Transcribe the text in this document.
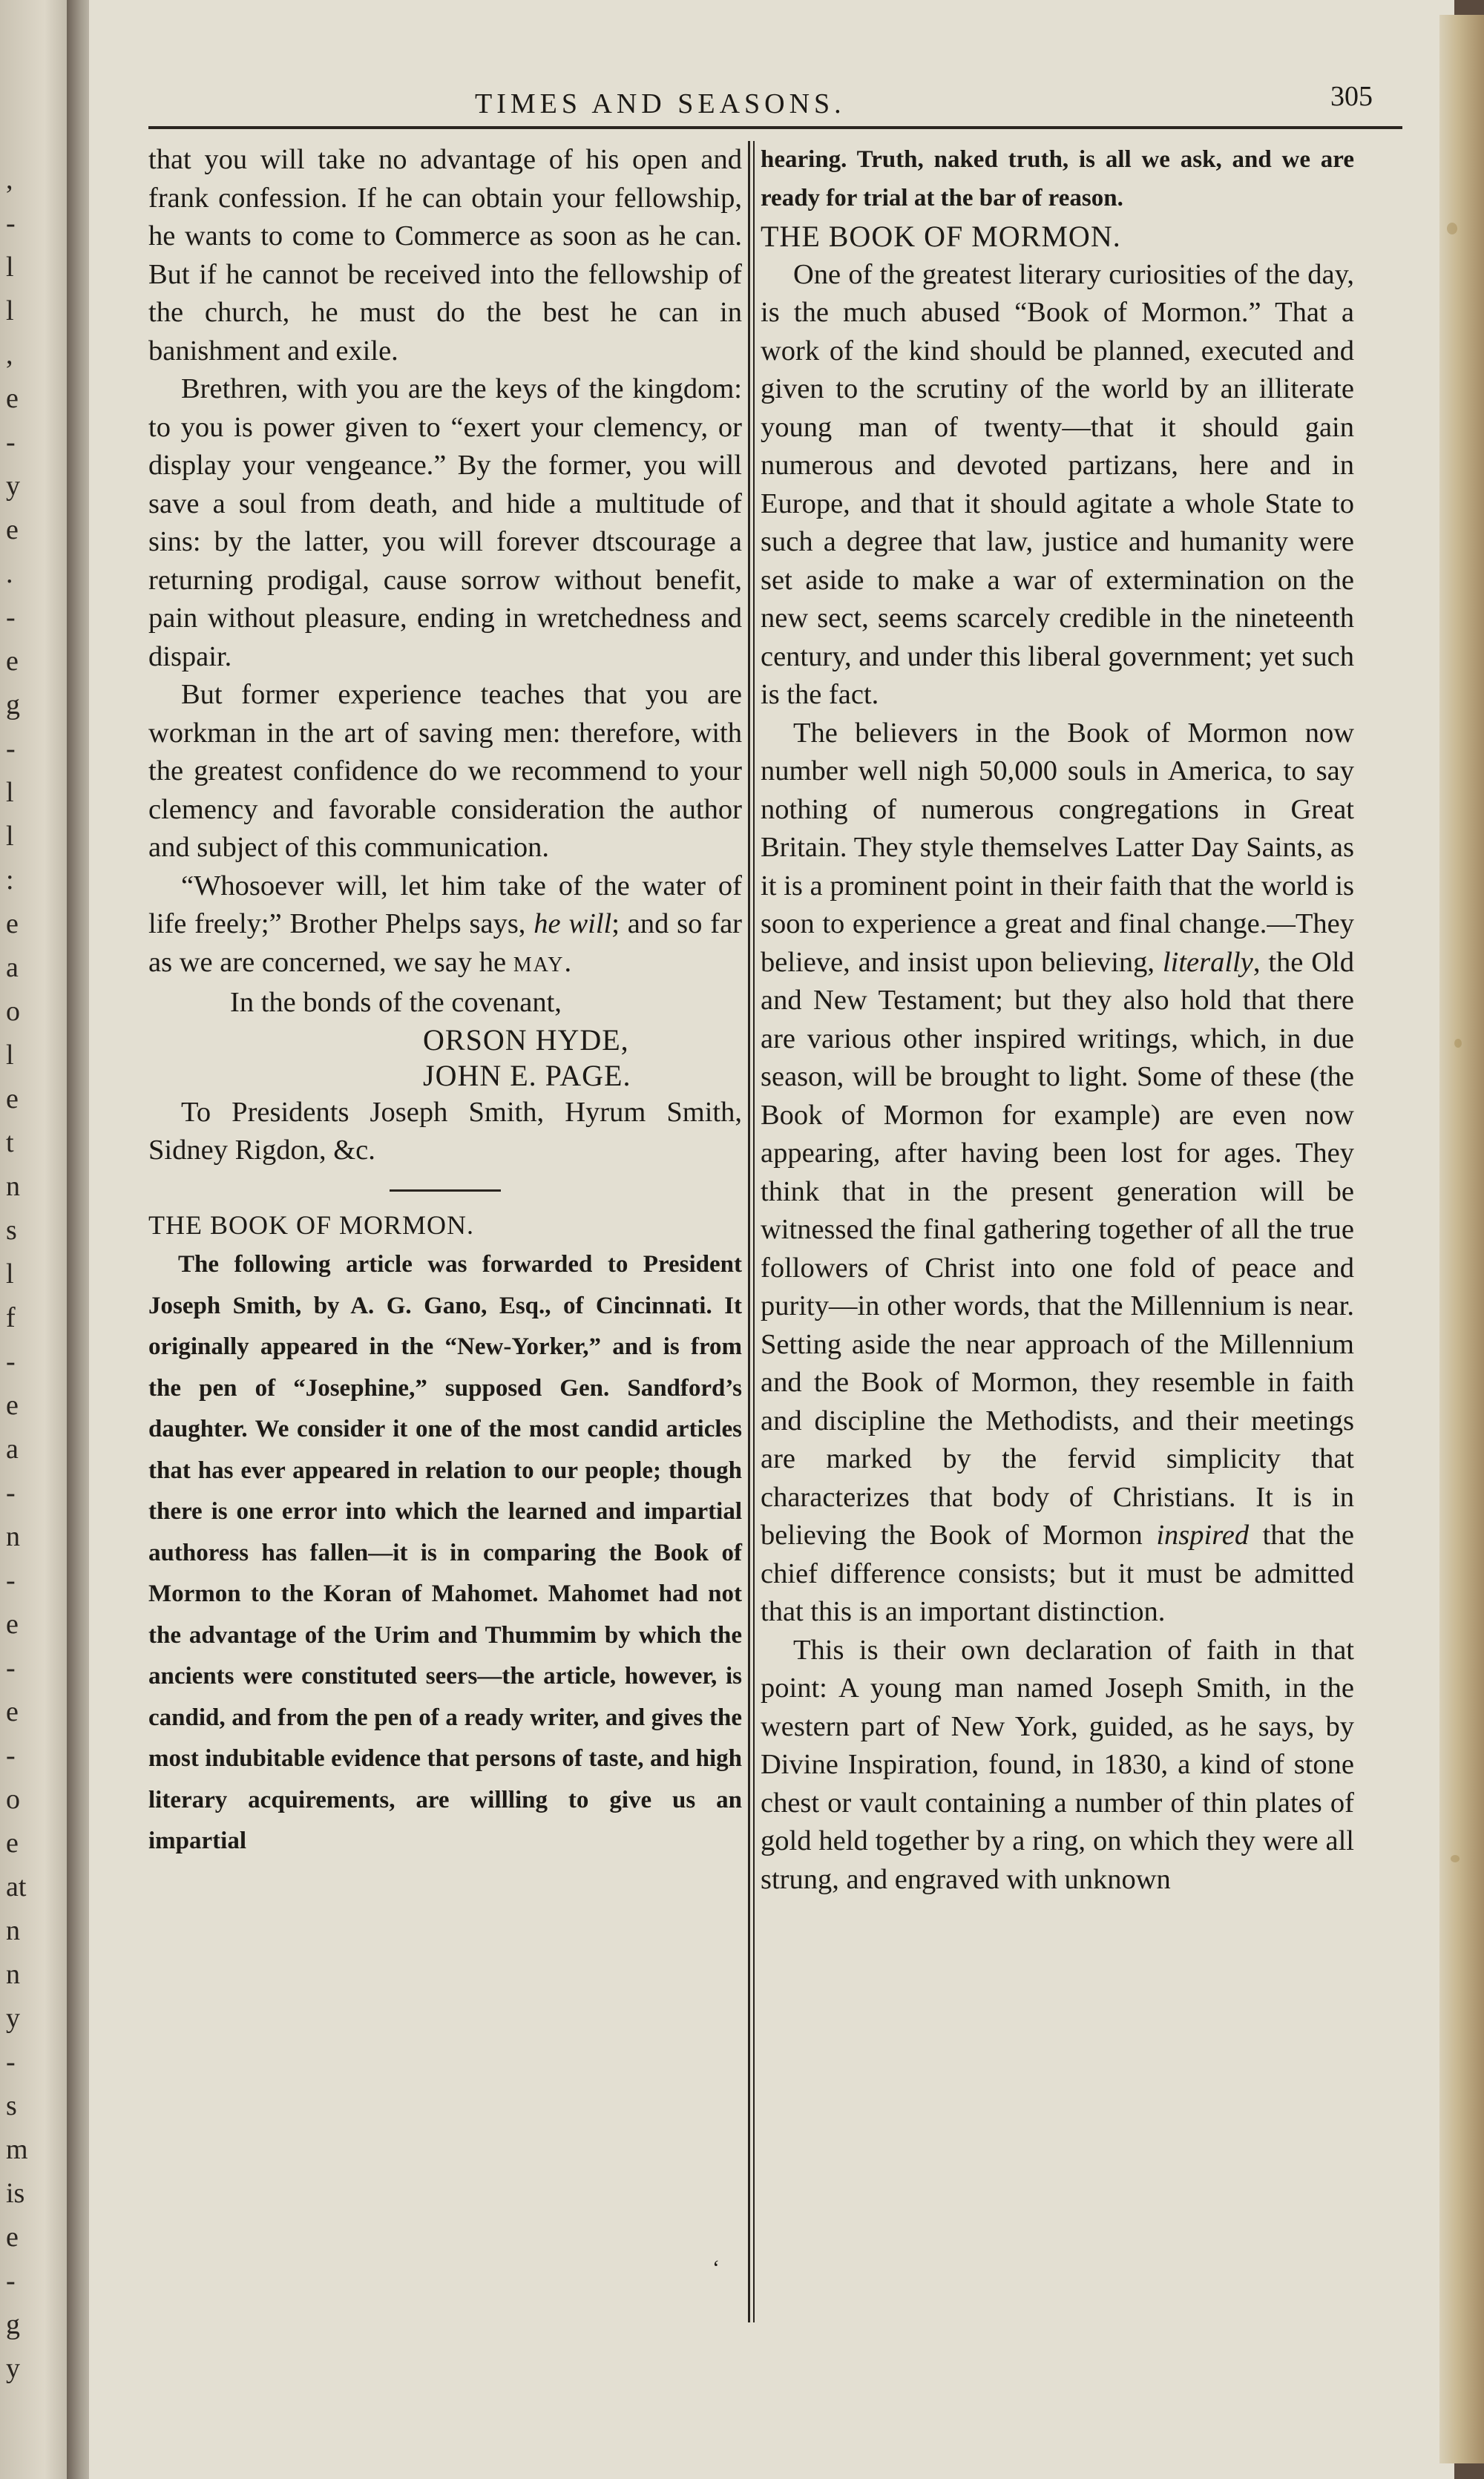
,
-
l
l
,
e
-
y
e
.
-
e
g
-
l
l
:
e
a
o
l
e
t
n
s
l
f
-
e
a
-
n
-
e
-
e
-
o
e
at
n
n
y
-
s
m
is
e
-
g
y
TIMES AND SEASONS.	305

that you will take no advantage of his open and frank confession. If he can obtain your fellowship, he wants to come to Commerce as soon as he can. But if he cannot be received into the fellowship of the church, he must do the best he can in banishment and exile.

Brethren, with you are the keys of the kingdom: to you is power given to “exert your clemency, or display your vengeance.” By the former, you will save a soul from death, and hide a multitude of sins: by the latter, you will forever dtscourage a returning prodigal, cause sorrow without benefit, pain without pleasure, ending in wretchedness and dispair.

But former experience teaches that you are workman in the art of saving men: therefore, with the greatest confidence do we recommend to your clemency and favorable consideration the author and subject of this communication.

“Whosoever will, let him take of the water of life freely;” Brother Phelps says, he will; and so far as we are concerned, we say he MAY.

In the bonds of the covenant,

ORSON HYDE,

JOHN E. PAGE.

To Presidents Joseph Smith, Hyrum Smith, Sidney Rigdon, &c.

THE BOOK OF MORMON.

The following article was forwarded to President Joseph Smith, by A. G. Gano, Esq., of Cincinnati. It originally appeared in the “New-Yorker,” and is from the pen of “Josephine,” supposed Gen. Sandford’s daughter. We consider it one of the most candid articles that has ever appeared in relation to our people; though there is one error into which the learned and impartial authoress has fallen—it is in comparing the Book of Mormon to the Koran of Mahomet. Mahomet had not the advantage of the Urim and Thummim by which the ancients were constituted seers—the article, however, is candid, and from the pen of a ready writer, and gives the most indubitable evidence that persons of taste, and high literary acquirements, are willling to give us an impartial

hearing. Truth, naked truth, is all we ask, and we are ready for trial at the bar of reason.

THE BOOK OF MORMON.

One of the greatest literary curiosities of the day, is the much abused “Book of Mormon.” That a work of the kind should be planned, executed and given to the scrutiny of the world by an illiterate young man of twenty—that it should gain numerous and devoted partizans, here and in Europe, and that it should agitate a whole State to such a degree that law, justice and humanity were set aside to make a war of extermination on the new sect, seems scarcely credible in the nineteenth century, and under this liberal government; yet such is the fact.

The believers in the Book of Mormon now number well nigh 50,000 souls in America, to say nothing of numerous congregations in Great Britain. They style themselves Latter Day Saints, as it is a prominent point in their faith that the world is soon to experience a great and final change.—They believe, and insist upon believing, literally, the Old and New Testament; but they also hold that there are various other inspired writings, which, in due season, will be brought to light. Some of these (the Book of Mormon for example) are even now appearing, after having been lost for ages. They think that in the present generation will be witnessed the final gathering together of all the true followers of Christ into one fold of peace and purity—in other words, that the Millennium is near. Setting aside the near approach of the Millennium and the Book of Mormon, they resemble in faith and discipline the Methodists, and their meetings are marked by the fervid simplicity that characterizes that body of Christians. It is in believing the Book of Mormon inspired that the chief difference consists; but it must be admitted that this is an important distinction.

This is their own declaration of faith in that point: A young man named Joseph Smith, in the western part of New York, guided, as he says, by Divine Inspiration, found, in 1830, a kind of stone chest or vault containing a number of thin plates of gold held together by a ring, on which they were all strung, and engraved with unknown

‘
